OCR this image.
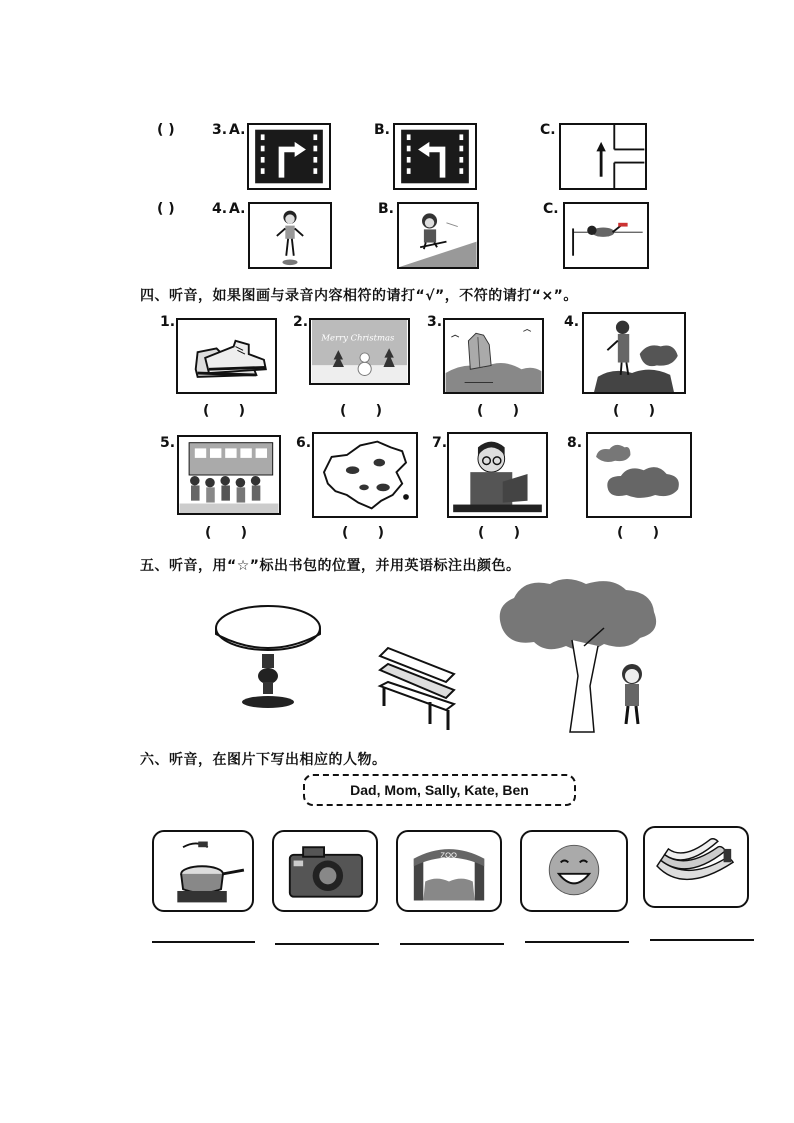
( )	3. A.	B.	C.
( )	4. A.	B.	C.
四、听音，如果图画与录音内容相符的请打“√”，不符的请打“×”。
1.
(      )
2.
Merry Christmas
(      )
3.
(      )
4.
(      )
5.
(      )
6.
(      )
7.
(      )
8.
(      )
五、听音，用“☆”标出书包的位置，并用英语标注出颜色。
六、听音，在图片下写出相应的人物。
Dad, Mom, Sally, Kate, Ben
ZOO
